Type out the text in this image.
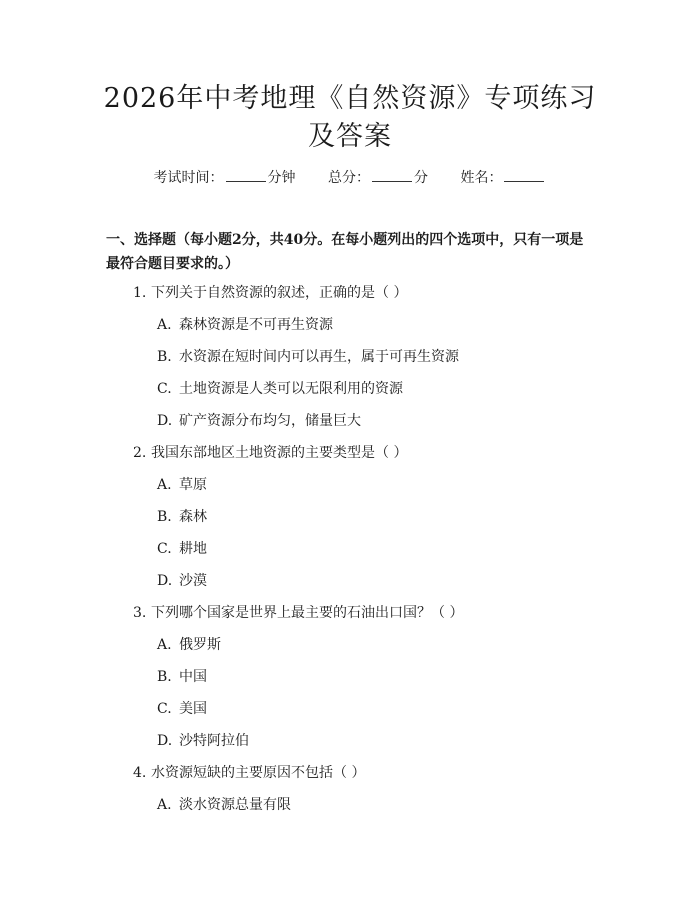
2026年中考地理《自然资源》专项练习及答案
考试时间：	分钟 总分：	分 姓名：
一、选择题（每小题2分，共40分。在每小题列出的四个选项中，只有一项是最符合题目要求的。）
1. 下列关于自然资源的叙述，正确的是（ ）
A. 森林资源是不可再生资源
B. 水资源在短时间内可以再生，属于可再生资源
C. 土地资源是人类可以无限利用的资源
D. 矿产资源分布均匀，储量巨大
2. 我国东部地区土地资源的主要类型是（ ）
A. 草原
B. 森林
C. 耕地
D. 沙漠
3. 下列哪个国家是世界上最主要的石油出口国？（ ）
A. 俄罗斯
B. 中国
C. 美国
D. 沙特阿拉伯
4. 水资源短缺的主要原因不包括（ ）
A. 淡水资源总量有限
